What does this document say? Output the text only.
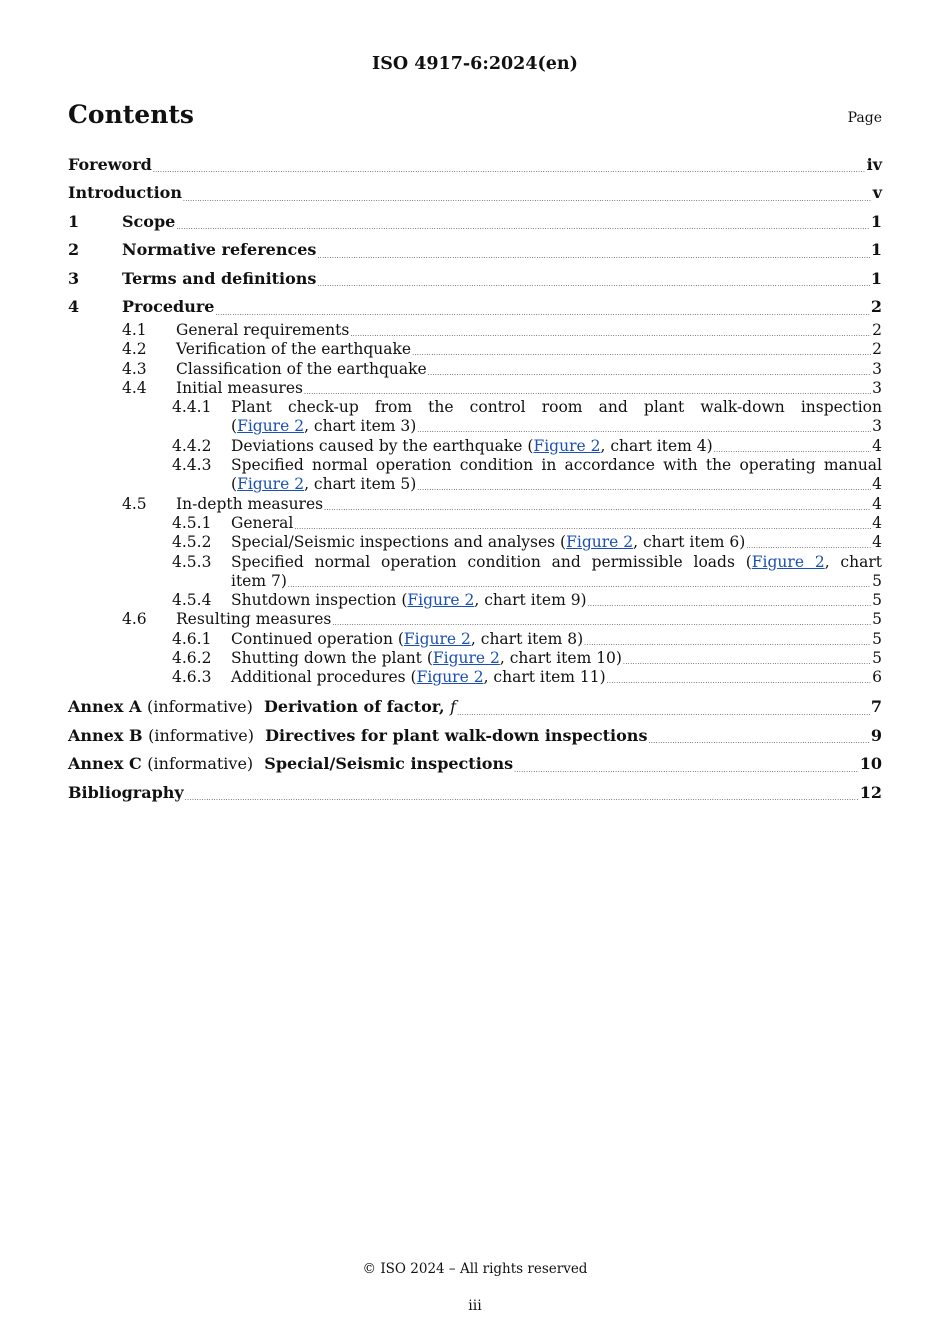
ISO 4917-6:2024(en)
Contents	Page
Foreword .....	iv
Introduction .....	v
1	Scope .....	1
2	Normative references .....	1
3	Terms and definitions .....	1
4	Procedure .....	2
4.1	General requirements .....	2
4.2	Verification of the earthquake .....	2
4.3	Classification of the earthquake .....	3
4.4	Initial measures .....	3
4.4.1	Plant check-up from the control room and plant walk-down inspection
(Figure 2, chart item 3) .....	3
4.4.2	Deviations caused by the earthquake (Figure 2, chart item 4) .....	4
4.4.3	Specified normal operation condition in accordance with the operating manual
(Figure 2, chart item 5) .....	4
4.5	In-depth measures .....	4
4.5.1	General .....	4
4.5.2	Special/Seismic inspections and analyses (Figure 2, chart item 6) .....	4
4.5.3	Specified normal operation condition and permissible loads (Figure 2, chart
item 7) .....	5
4.5.4	Shutdown inspection (Figure 2, chart item 9) .....	5
4.6	Resulting measures .....	5
4.6.1	Continued operation (Figure 2, chart item 8) .....	5
4.6.2	Shutting down the plant (Figure 2, chart item 10) .....	5
4.6.3	Additional procedures (Figure 2, chart item 11) .....	6
Annex A (informative) Derivation of factor, f .....	7
Annex B (informative) Directives for plant walk-down inspections .....	9
Annex C (informative) Special/Seismic inspections .....	10
Bibliography .....	12
© ISO 2024 – All rights reserved
iii
